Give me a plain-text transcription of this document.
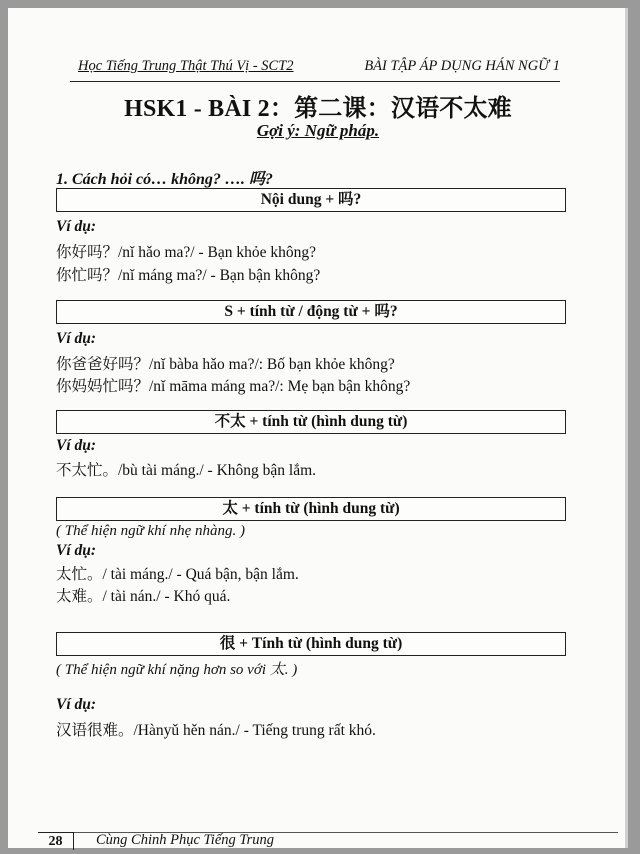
Học Tiếng Trung Thật Thú Vị - SCT2	BÀI TẬP ÁP DỤNG HÁN NGỮ 1
HSK1 - BÀI 2：第二课：汉语不太难
Gợi ý: Ngữ pháp.
1. Cách hỏi có… không? …. 吗?
Nội dung + 吗?
Ví dụ:
你好吗？/nǐ hǎo ma?/ - Bạn khỏe không?
你忙吗？/nǐ máng ma?/ - Bạn bận không?
S + tính từ / động từ + 吗?
Ví dụ:
你爸爸好吗？/nǐ bàba hǎo ma?/: Bố bạn khỏe không?
你妈妈忙吗？/nǐ māma máng ma?/: Mẹ bạn bận không?
不太 + tính từ (hình dung từ)
Ví dụ:
不太忙。/bù tài máng./ - Không bận lắm.
太 + tính từ (hình dung từ)
( Thể hiện ngữ khí nhẹ nhàng. )
Ví dụ:
太忙。/ tài máng./ - Quá bận, bận lắm.
太难。/ tài nán./ - Khó quá.
很 + Tính từ (hình dung từ)
( Thể hiện ngữ khí nặng hơn so với 太. )
Ví dụ:
汉语很难。/Hànyǔ hěn nán./ - Tiếng trung rất khó.
28	Cùng Chinh Phục Tiếng Trung
